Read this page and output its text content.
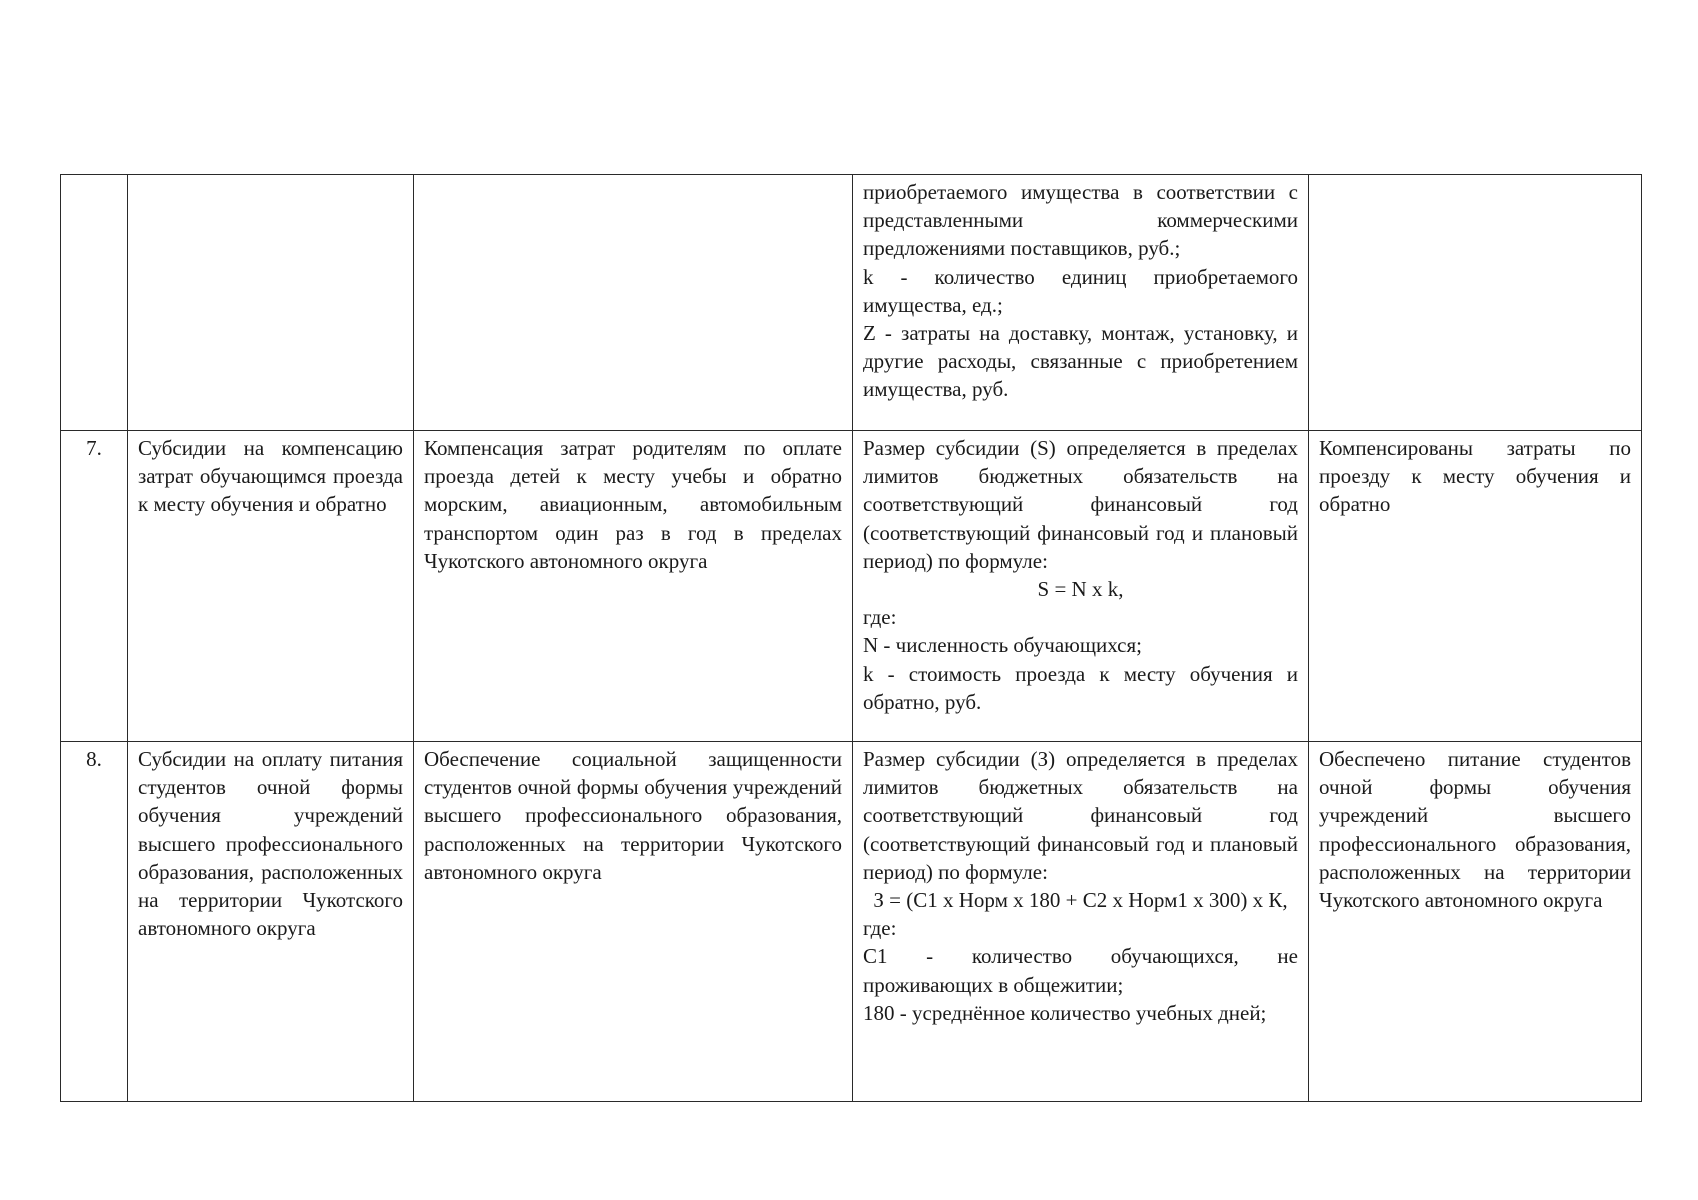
			приобретаемого имущества в соответствии с представленными коммерческими предложениями поставщиков, руб.;

k - количество единиц приобретаемого имущества, ед.;

Z - затраты на доставку, монтаж, установку, и другие расходы, связанные с приобретением имущества, руб.	

7.	Субсидии на компенсацию затрат обучающимся проезда к месту обучения и обратно	Компенсация затрат родителям по оплате проезда детей к месту учебы и обратно морским, авиационным, автомобильным транспортом один раз в год в пределах Чукотского автономного округа	Размер субсидии (S) определяется в пределах лимитов бюджетных обязательств на соответствующий финансовый год (соответствующий финансовый год и плановый период) по формуле:

S = N x k,

где:

N - численность обучающихся;

k - стоимость проезда к месту обучения и обратно, руб.	Компенсированы затраты по проезду к месту обучения и обратно
8.	Субсидии на оплату питания студентов очной формы обучения учреждений высшего профессионального образования, расположенных на территории Чукотского автономного округа	Обеспечение социальной защищенности студентов очной формы обучения учреждений высшего профессионального образования, расположенных на территории Чукотского автономного округа	Размер субсидии (З) определяется в пределах лимитов бюджетных обязательств на соответствующий финансовый год (соответствующий финансовый год и плановый период) по формуле:

З = (С1 х Норм х 180 + С2 х Норм1 х 300) х К,

где:

С1 - количество обучающихся, не проживающих в общежитии;

180 - усреднённое количество учебных дней;	Обеспечено питание студентов очной формы обучения учреждений высшего профессионального образования, расположенных на территории Чукотского автономного округа
